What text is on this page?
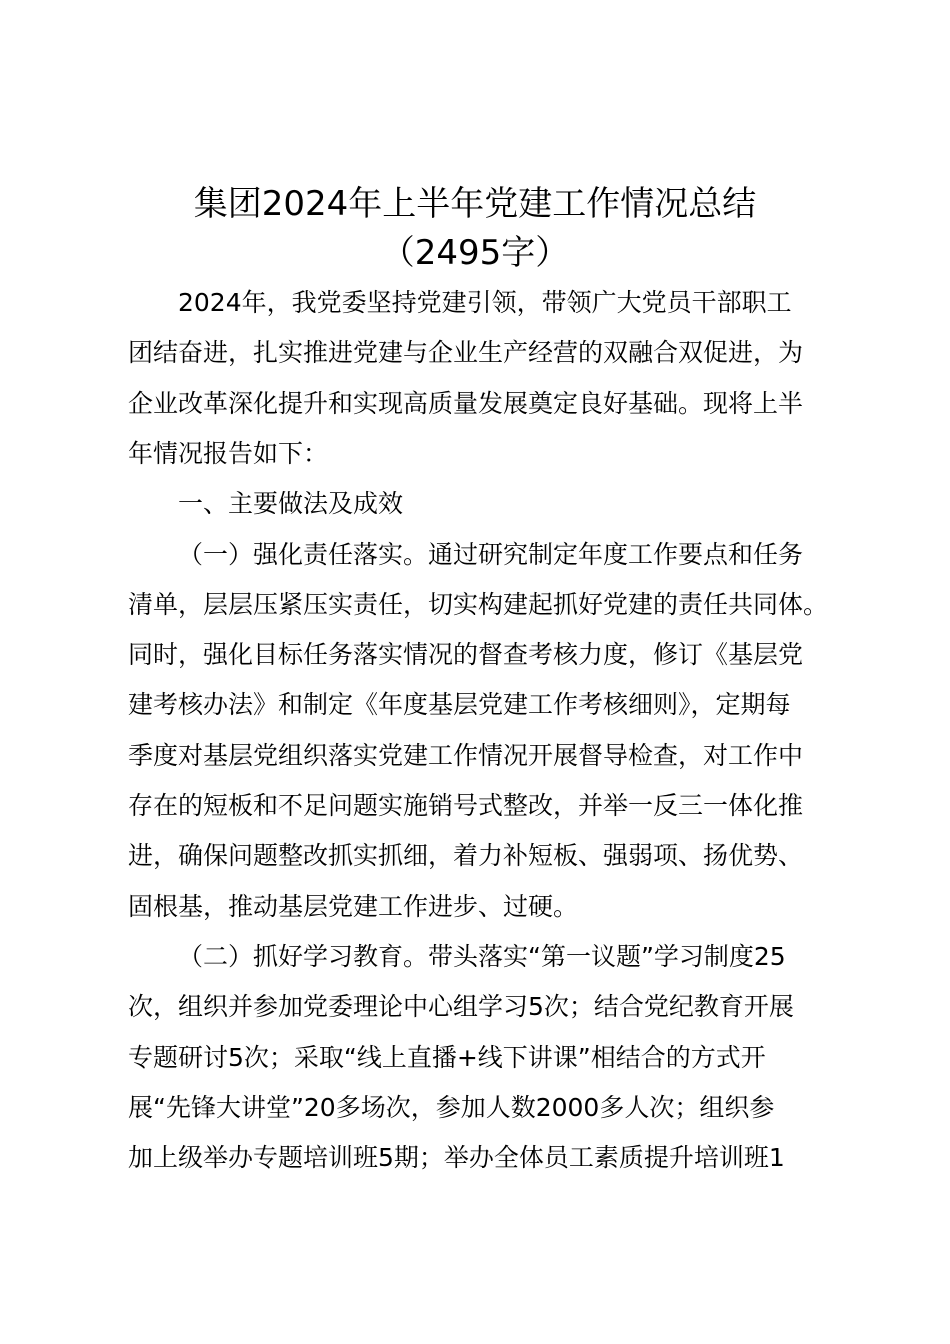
集团2024年上半年党建工作情况总结
（2495字）
2024年，我党委坚持党建引领，带领广大党员干部职工
团结奋进，扎实推进党建与企业生产经营的双融合双促进，为
企业改革深化提升和实现高质量发展奠定良好基础。现将上半
年情况报告如下：
一、主要做法及成效
（一）强化责任落实。通过研究制定年度工作要点和任务
清单，层层压紧压实责任，切实构建起抓好党建的责任共同体。
同时，强化目标任务落实情况的督查考核力度，修订《基层党
建考核办法》和制定《年度基层党建工作考核细则》，定期每
季度对基层党组织落实党建工作情况开展督导检查，对工作中
存在的短板和不足问题实施销号式整改，并举一反三一体化推
进，确保问题整改抓实抓细，着力补短板、强弱项、扬优势、
固根基，推动基层党建工作进步、过硬。
（二）抓好学习教育。带头落实“第一议题”学习制度25
次，组织并参加党委理论中心组学习5次；结合党纪教育开展
专题研讨5次；采取“线上直播+线下讲课”相结合的方式开
展“先锋大讲堂”20多场次，参加人数2000多人次；组织参
加上级举办专题培训班5期；举办全体员工素质提升培训班1
